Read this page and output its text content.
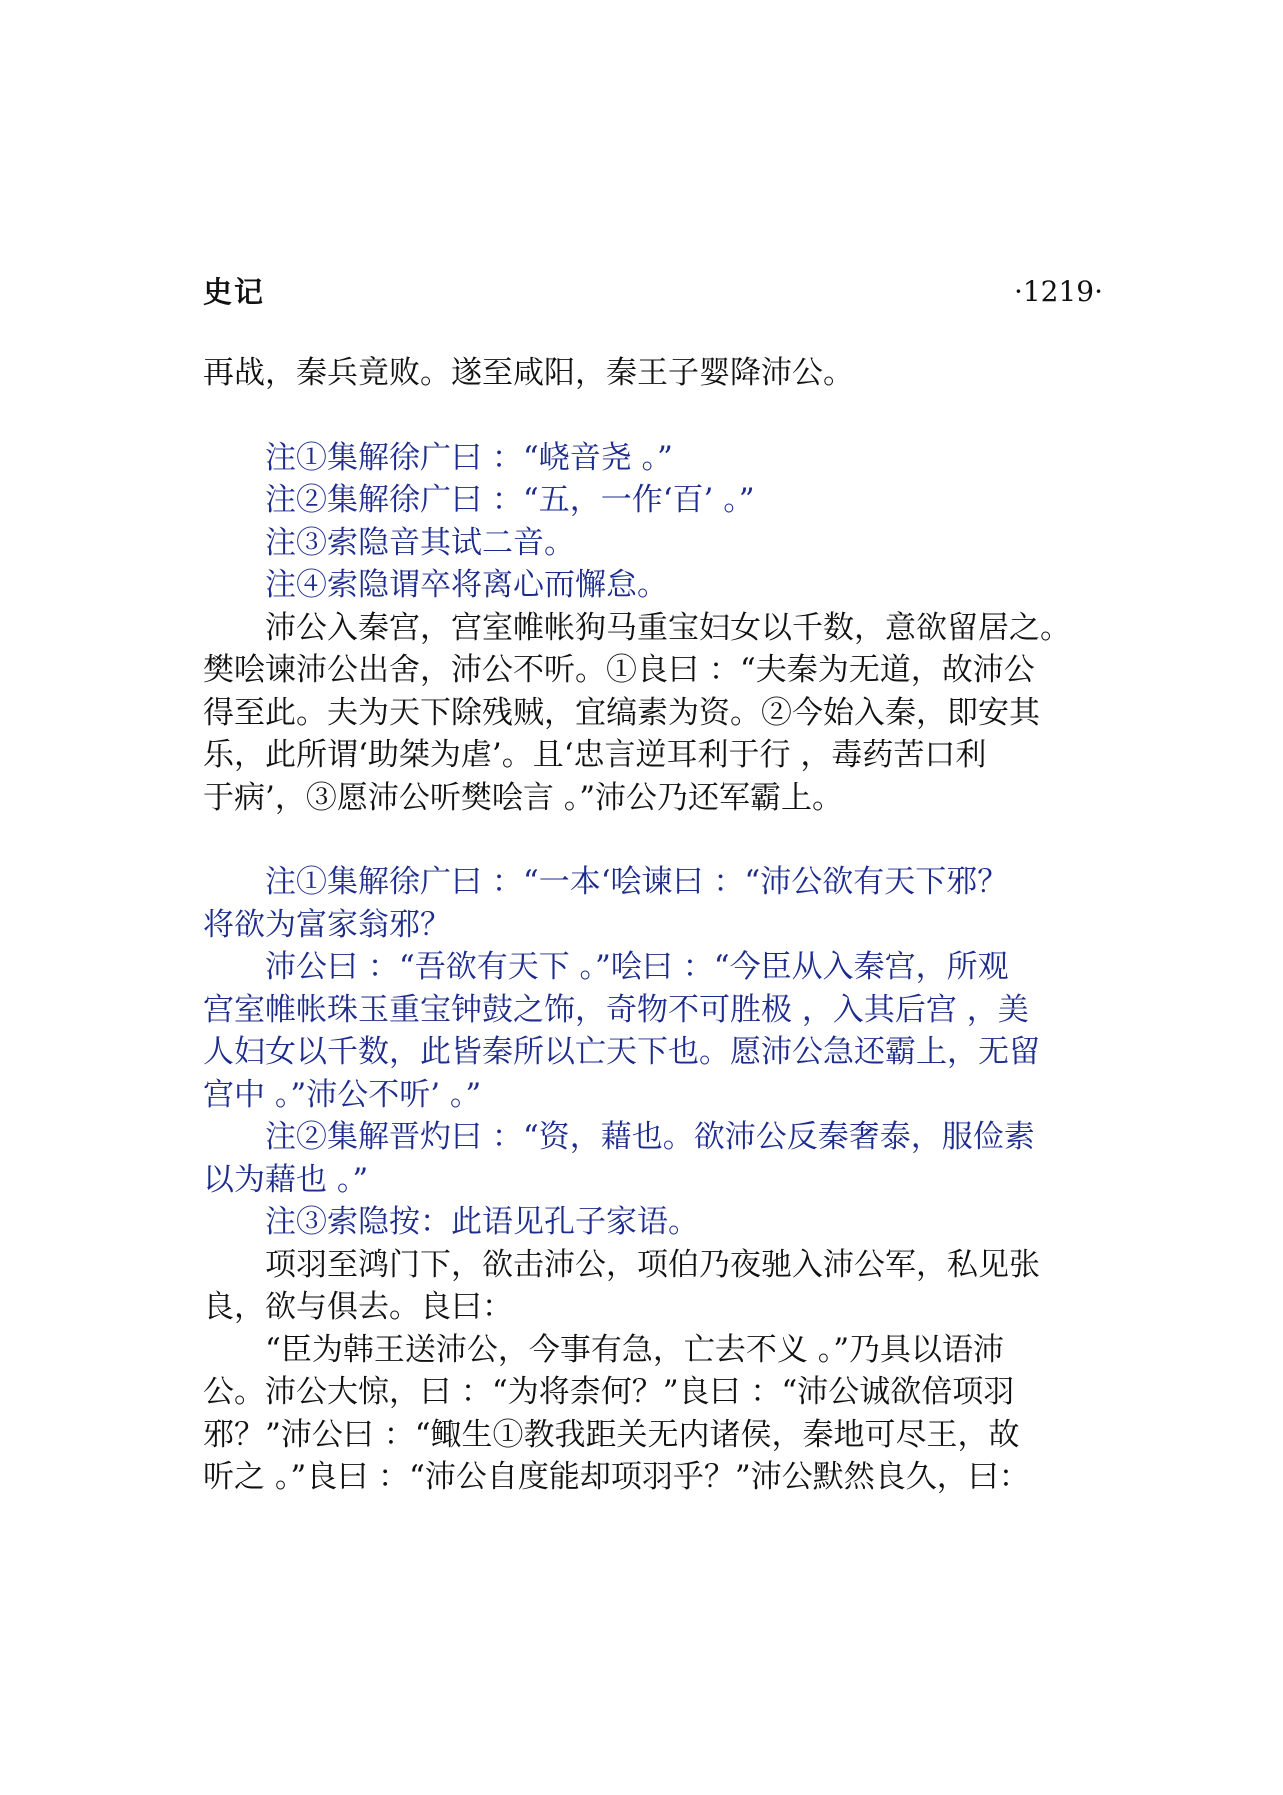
史记	·1219·

再战，秦兵竟败。遂至咸阳，秦王子婴降沛公。

注①集解徐广曰 ：“峣音尧 。”

注②集解徐广曰 ：“五，一作‘百’ 。”

注③索隐音其试二音。

注④索隐谓卒将离心而懈怠。

沛公入秦宫，宫室帷帐狗马重宝妇女以千数，意欲留居之。

樊哙谏沛公出舍，沛公不听。①良曰 ：“夫秦为无道，故沛公

得至此。夫为天下除残贼，宜缟素为资。②今始入秦，即安其

乐，此所谓‘助桀为虐’。且‘忠言逆耳利于行 ，毒药苦口利

于病’，③愿沛公听樊哙言 。”沛公乃还军霸上。

注①集解徐广曰 ：“一本‘哙谏曰 ：“沛公欲有天下邪？

将欲为富家翁邪？

沛公曰 ：“吾欲有天下 。”哙曰 ：“今臣从入秦宫，所观

宫室帷帐珠玉重宝钟鼓之饰，奇物不可胜极 ，入其后宫 ，美

人妇女以千数，此皆秦所以亡天下也。愿沛公急还霸上，无留

宫中 。”沛公不听’ 。”

注②集解晋灼曰 ：“资，藉也。欲沛公反秦奢泰，服俭素

以为藉也 。”

注③索隐按：此语见孔子家语。

项羽至鸿门下，欲击沛公，项伯乃夜驰入沛公军，私见张

良，欲与俱去。良曰：

“臣为韩王送沛公，今事有急，亡去不义 。”乃具以语沛

公。沛公大惊，曰 ：“为将柰何？”良曰 ：“沛公诚欲倍项羽

邪？”沛公曰 ：“鲰生①教我距关无内诸侯，秦地可尽王，故

听之 。”良曰 ：“沛公自度能却项羽乎？”沛公默然良久，曰：
